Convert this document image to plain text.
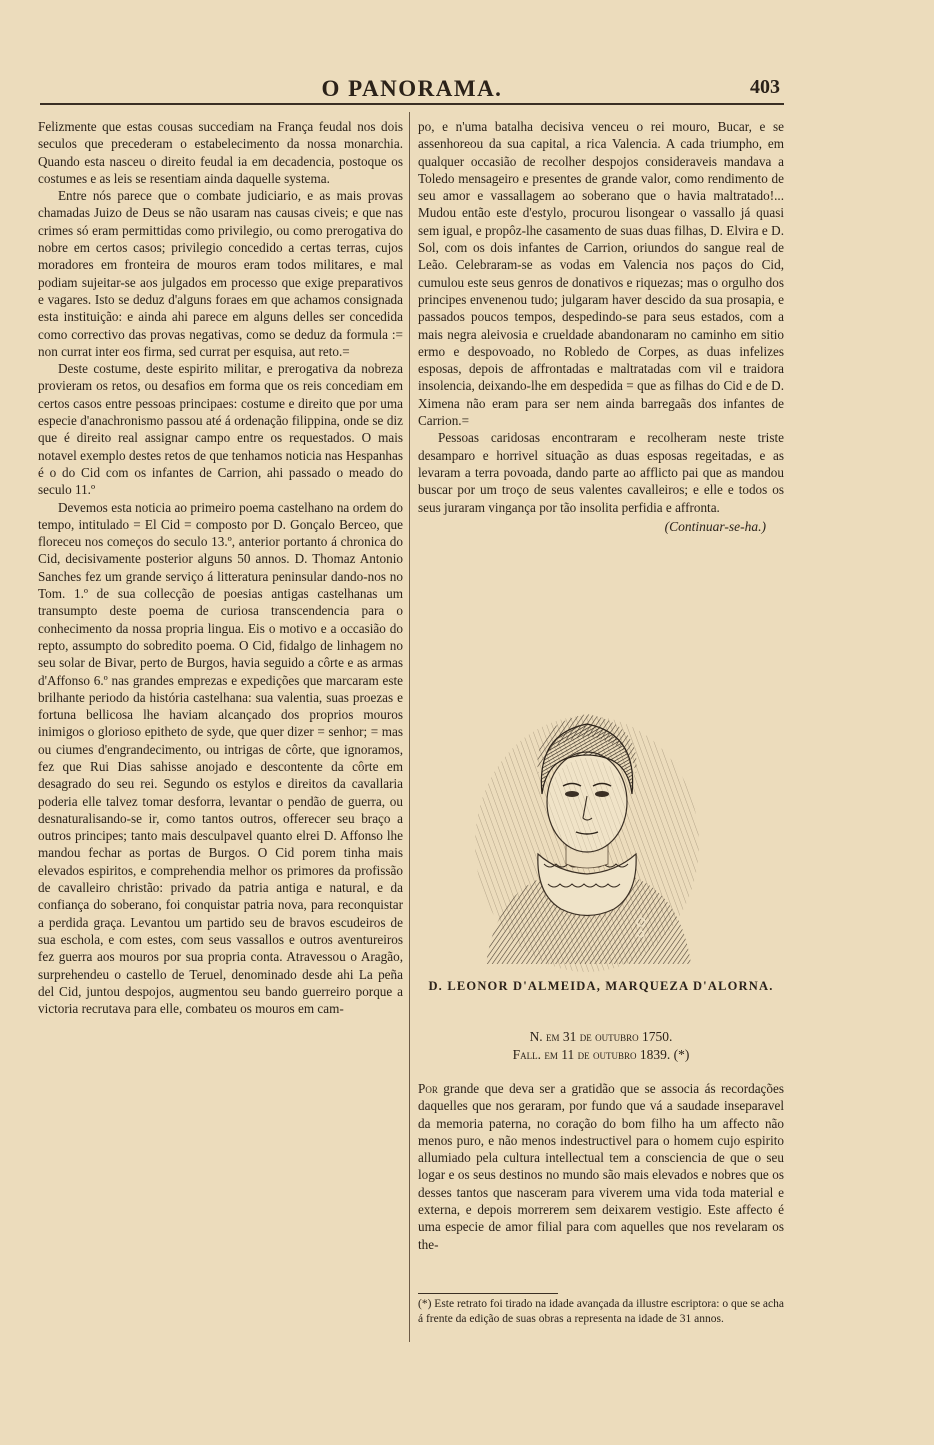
O PANORAMA.	403

Felizmente que estas cousas succediam na França feudal nos dois seculos que precederam o estabelecimento da nossa monarchia. Quando esta nasceu o direito feudal ia em decadencia, postoque os costumes e as leis se resentiam ainda daquelle systema.

Entre nós parece que o combate judiciario, e as mais provas chamadas Juizo de Deus se não usaram nas causas civeis; e que nas crimes só eram permittidas como privilegio, ou como prerogativa do nobre em certos casos; privilegio concedido a certas terras, cujos moradores em fronteira de mouros eram todos militares, e mal podiam sujeitar-se aos julgados em processo que exige preparativos e vagares. Isto se deduz d'alguns foraes em que achamos consignada esta instituição: e ainda ahi parece em alguns delles ser concedida como correctivo das provas negativas, como se deduz da formula := non currat inter eos firma, sed currat per esquisa, aut reto.=

Deste costume, deste espirito militar, e prerogativa da nobreza provieram os retos, ou desafios em forma que os reis concediam em certos casos entre pessoas principaes: costume e direito que por uma especie d'anachronismo passou até á ordenação filippina, onde se diz que é direito real assignar campo entre os requestados. O mais notavel exemplo destes retos de que tenhamos noticia nas Hespanhas é o do Cid com os infantes de Carrion, ahi passado o meado do seculo 11.º

Devemos esta noticia ao primeiro poema castelhano na ordem do tempo, intitulado = El Cid = composto por D. Gonçalo Berceo, que floreceu nos começos do seculo 13.º, anterior portanto á chronica do Cid, decisivamente posterior alguns 50 annos. D. Thomaz Antonio Sanches fez um grande serviço á litteratura peninsular dando-nos no Tom. 1.º de sua collecção de poesias antigas castelhanas um transumpto deste poema de curiosa transcendencia para o conhecimento da nossa propria lingua. Eis o motivo e a occasião do repto, assumpto do sobredito poema. O Cid, fidalgo de linhagem no seu solar de Bivar, perto de Burgos, havia seguido a côrte e as armas d'Affonso 6.º nas grandes emprezas e expedições que marcaram este brilhante periodo da história castelhana: sua valentia, suas proezas e fortuna bellicosa lhe haviam alcançado dos proprios mouros inimigos o glorioso epitheto de syde, que quer dizer = senhor; = mas ou ciumes d'engrandecimento, ou intrigas de côrte, que ignoramos, fez que Rui Dias sahisse anojado e descontente da côrte em desagrado do seu rei. Segundo os estylos e direitos da cavallaria poderia elle talvez tomar desforra, levantar o pendão de guerra, ou desnaturalisando-se ir, como tantos outros, offerecer seu braço a outros principes; tanto mais desculpavel quanto elrei D. Affonso lhe mandou fechar as portas de Burgos. O Cid porem tinha mais elevados espiritos, e comprehendia melhor os primores da profissão de cavalleiro christão: privado da patria antiga e natural, e da confiança do soberano, foi conquistar patria nova, para reconquistar a perdida graça. Levantou um partido seu de bravos escudeiros de sua eschola, e com estes, com seus vassallos e outros aventureiros fez guerra aos mouros por sua propria conta. Atravessou o Aragão, surprehendeu o castello de Teruel, denominado desde ahi La peña del Cid, juntou despojos, augmentou seu bando guerreiro porque a victoria recrutava para elle, combateu os mouros em cam-

po, e n'uma batalha decisiva venceu o rei mouro, Bucar, e se assenhoreou da sua capital, a rica Valencia. A cada triumpho, em qualquer occasião de recolher despojos consideraveis mandava a Toledo mensageiro e presentes de grande valor, como rendimento de seu amor e vassallagem ao soberano que o havia maltratado!... Mudou então este d'estylo, procurou lisongear o vassallo já quasi sem igual, e propôz-lhe casamento de suas duas filhas, D. Elvira e D. Sol, com os dois infantes de Carrion, oriundos do sangue real de Leão. Celebraram-se as vodas em Valencia nos paços do Cid, cumulou este seus genros de donativos e riquezas; mas o orgulho dos principes envenenou tudo; julgaram haver descido da sua prosapia, e passados poucos tempos, despedindo-se para seus estados, com a mais negra aleivosia e crueldade abandonaram no caminho em sitio ermo e despovoado, no Robledo de Corpes, as duas infelizes esposas, depois de affrontadas e maltratadas com vil e traidora insolencia, deixando-lhe em despedida = que as filhas do Cid e de D. Ximena não eram para ser nem ainda barregaãs dos infantes de Carrion.=

Pessoas caridosas encontraram e recolheram neste triste desamparo e horrivel situação as duas esposas regeitadas, e as levaram a terra povoada, dando parte ao afflicto pai que as mandou buscar por um troço de seus valentes cavalleiros; e elle e todos os seus juraram vingança por tão insolita perfidia e affronta.

(Continuar-se-ha.)
D. LEONOR D'ALMEIDA, MARQUEZA D'ALORNA.
N. em 31 de outubro 1750.
Fall. em 11 de outubro 1839. (*)

Por grande que deva ser a gratidão que se associa ás recordações daquelles que nos geraram, por fundo que vá a saudade inseparavel da memoria paterna, no coração do bom filho ha um affecto não menos puro, e não menos indestructivel para o homem cujo espirito allumiado pela cultura intellectual tem a consciencia de que o seu logar e os seus destinos no mundo são mais elevados e nobres que os desses tantos que nasceram para viverem uma vida toda material e externa, e depois morrerem sem deixarem vestigio. Este affecto é uma especie de amor filial para com aquelles que nos revelaram os the-

(*) Este retrato foi tirado na idade avançada da illustre escriptora: o que se acha á frente da edição de suas obras a representa na idade de 31 annos.
